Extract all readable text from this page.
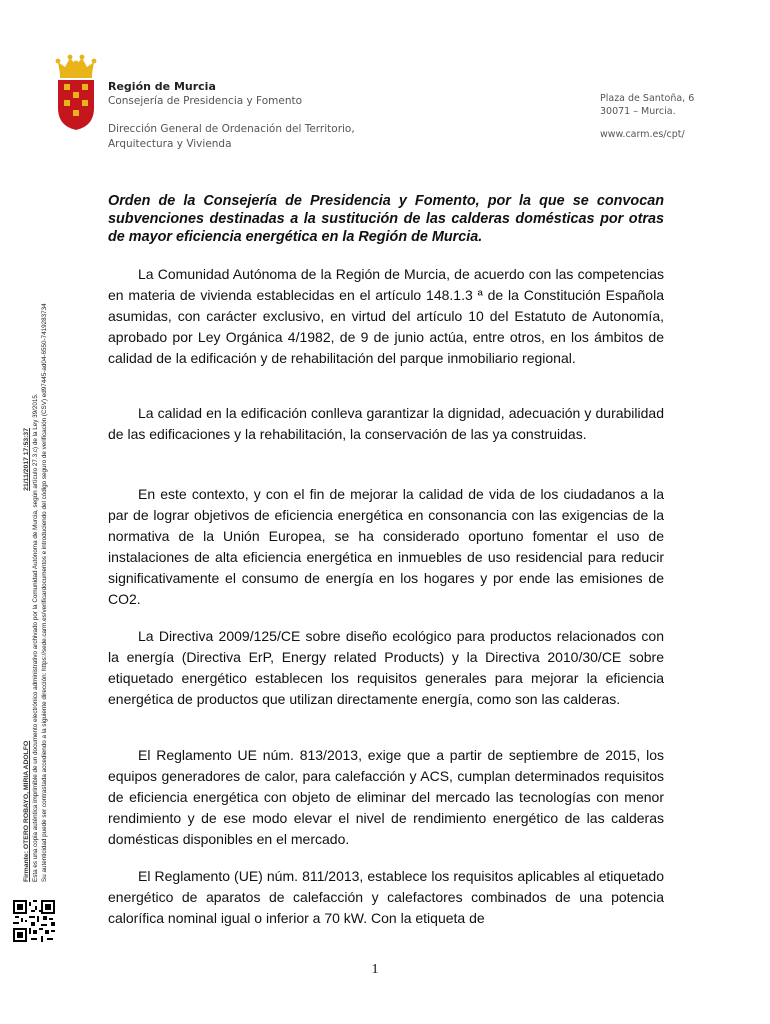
Región de Murcia
Consejería de Presidencia y Fomento
Dirección General de Ordenación del Territorio,
Arquitectura y Vivienda
Plaza de Santoña, 6
30071 – Murcia.
www.carm.es/cpt/
Orden de la Consejería de Presidencia y Fomento, por la que se convocan subvenciones destinadas a la sustitución de las calderas domésticas por otras de mayor eficiencia energética en la Región de Murcia.
La Comunidad Autónoma de la Región de Murcia, de acuerdo con las competencias en materia de vivienda establecidas en el artículo 148.1.3 ª de la Constitución Española asumidas, con carácter exclusivo, en virtud del artículo 10 del Estatuto de Autonomía, aprobado por Ley Orgánica 4/1982, de 9 de junio actúa, entre otros, en los ámbitos de calidad de la edificación y de rehabilitación del parque inmobiliario regional.
La calidad en la edificación conlleva garantizar la dignidad, adecuación y durabilidad de las edificaciones y la rehabilitación, la conservación de las ya construidas.
En este contexto, y con el fin de mejorar la calidad de vida de los ciudadanos a la par de lograr objetivos de eficiencia energética en consonancia con las exigencias de la normativa de la Unión Europea, se ha considerado oportuno fomentar el uso de instalaciones de alta eficiencia energética en inmuebles de uso residencial para reducir significativamente el consumo de energía en los hogares y por ende las emisiones de CO2.
La Directiva 2009/125/CE sobre diseño ecológico para productos relacionados con la energía (Directiva ErP, Energy related Products) y la Directiva 2010/30/CE sobre etiquetado energético establecen los requisitos generales para mejorar la eficiencia energética de productos que utilizan directamente energía, como son las calderas.
El Reglamento UE núm. 813/2013, exige que a partir de septiembre de 2015, los equipos generadores de calor, para calefacción y ACS, cumplan determinados requisitos de eficiencia energética con objeto de eliminar del mercado las tecnologías con menor rendimiento y de ese modo elevar el nivel de rendimiento energético de las calderas domésticas disponibles en el mercado.
El Reglamento (UE) núm. 811/2013, establece los requisitos aplicables al etiquetado energético de aparatos de calefacción y calefactores combinados de una potencia calorífica nominal igual o inferior a 70 kW. Con la etiqueta de
1
Firmante: OTERO ROBAYO, MIRIA ADOLFO21/11/2017 17:53:37 Esta es una copia auténtica imprimible de un documento electrónico administrativo archivado por la Comunidad Autónoma de Murcia, según artículo 27.3.c) de la Ley 39/2015. Su autenticidad puede ser contrastada accediendo a la siguiente dirección: https://sede.carm.es/verificardocumentos e introduciendo del código seguro de verificación (CSV) ed97445-ad04-6550-7419283734
